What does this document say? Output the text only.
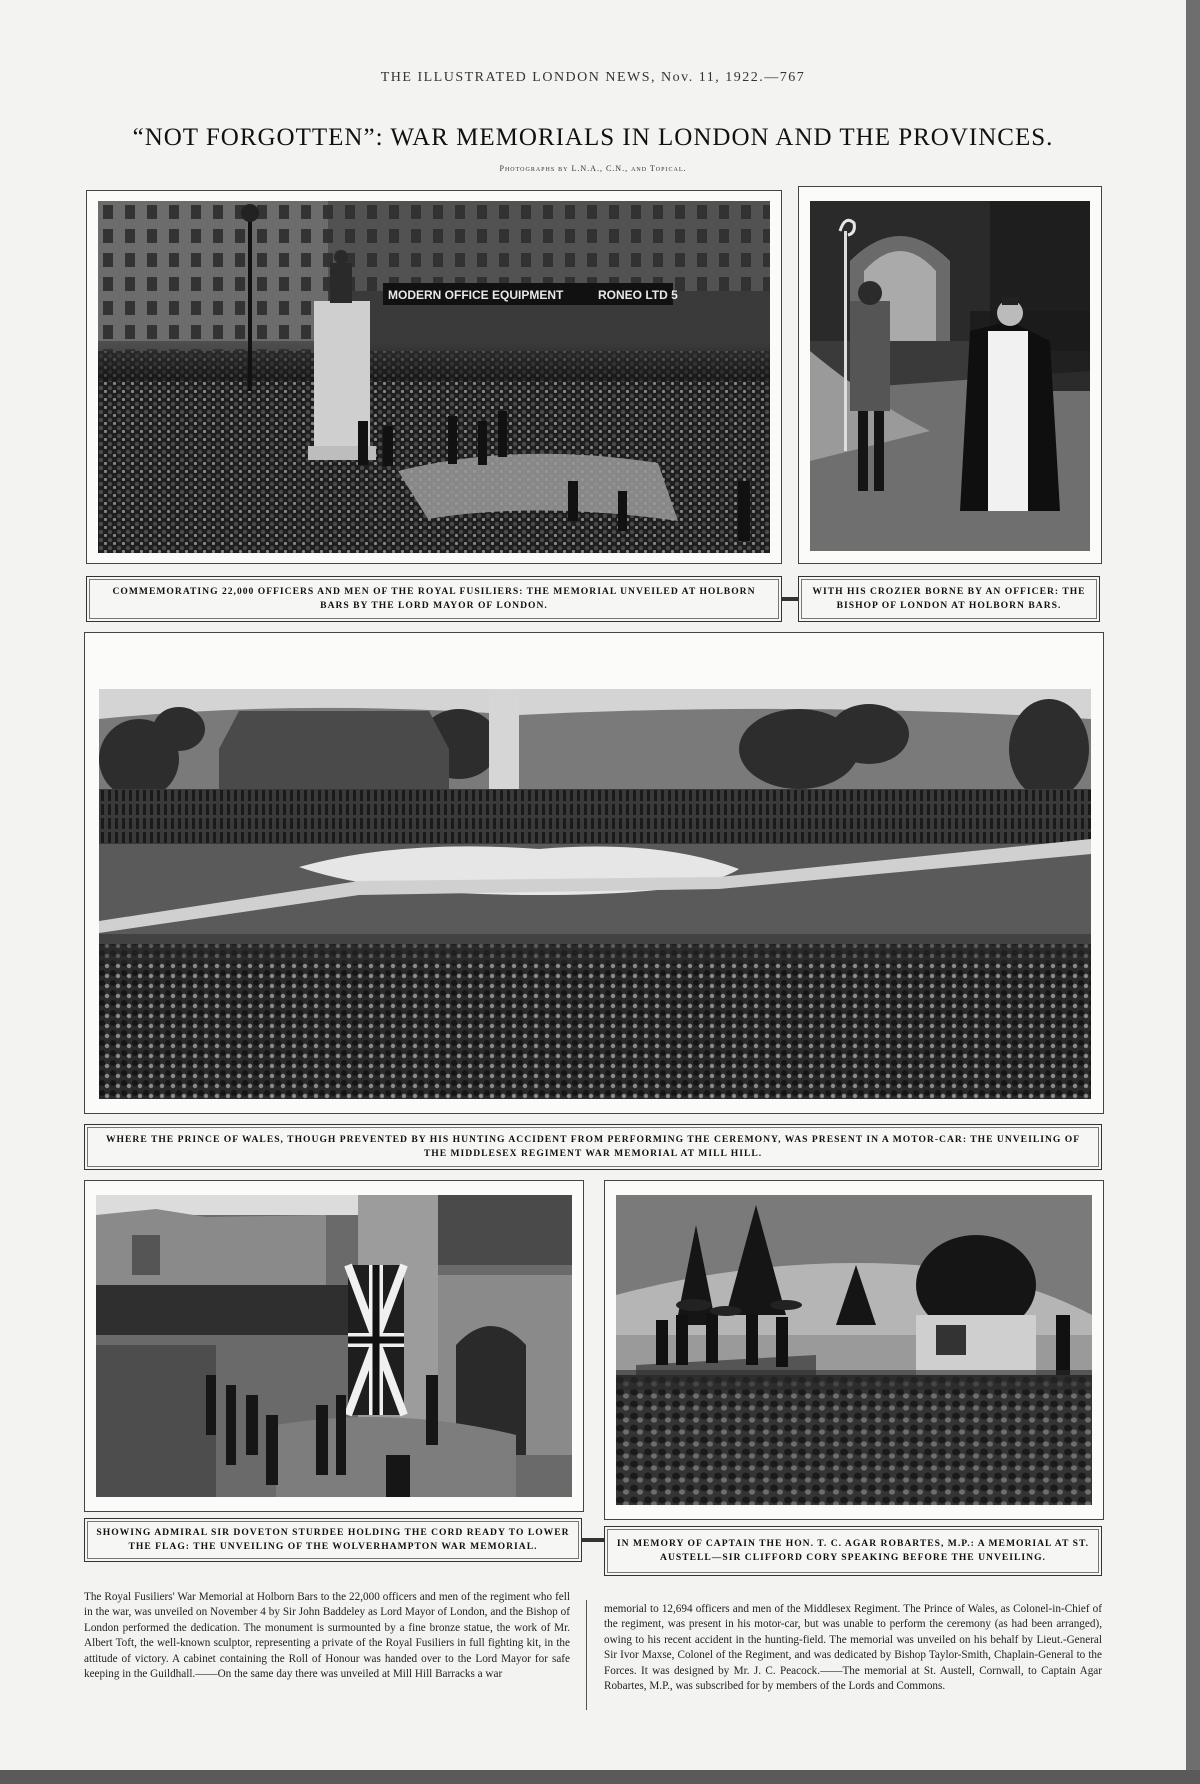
THE ILLUSTRATED LONDON NEWS, Nov. 11, 1922.—767
“NOT FORGOTTEN”: WAR MEMORIALS IN LONDON AND THE PROVINCES.
Photographs by L.N.A., C.N., and Topical.
MODERN OFFICE EQUIPMENT	RONEO LTD 5
COMMEMORATING 22,000 OFFICERS AND MEN OF THE ROYAL FUSILIERS: THE MEMORIAL UNVEILED AT HOLBORN BARS BY THE LORD MAYOR OF LONDON.
WITH HIS CROZIER BORNE BY AN OFFICER: THE BISHOP OF LONDON AT HOLBORN BARS.
WHERE THE PRINCE OF WALES, THOUGH PREVENTED BY HIS HUNTING ACCIDENT FROM PERFORMING THE CEREMONY, WAS PRESENT IN A MOTOR-CAR: THE UNVEILING OF THE MIDDLESEX REGIMENT WAR MEMORIAL AT MILL HILL.
SHOWING ADMIRAL SIR DOVETON STURDEE HOLDING THE CORD READY TO LOWER THE FLAG: THE UNVEILING OF THE WOLVERHAMPTON WAR MEMORIAL.	IN MEMORY OF CAPTAIN THE HON. T. C. AGAR ROBARTES, M.P.: A MEMORIAL AT ST. AUSTELL—SIR CLIFFORD CORY SPEAKING BEFORE THE UNVEILING.
The Royal Fusiliers' War Memorial at Holborn Bars to the 22,000 officers and men of the regiment who fell in the war, was unveiled on November 4 by Sir John Baddeley as Lord Mayor of London, and the Bishop of London performed the dedication. The monument is surmounted by a fine bronze statue, the work of Mr. Albert Toft, the well-known sculptor, representing a private of the Royal Fusiliers in full fighting kit, in the attitude of victory. A cabinet containing the Roll of Honour was handed over to the Lord Mayor for safe keeping in the Guildhall.——On the same day there was unveiled at Mill Hill Barracks a war
memorial to 12,694 officers and men of the Middlesex Regiment. The Prince of Wales, as Colonel-in-Chief of the regiment, was present in his motor-car, but was unable to perform the ceremony (as had been arranged), owing to his recent accident in the hunting-field. The memorial was unveiled on his behalf by Lieut.-General Sir Ivor Maxse, Colonel of the Regiment, and was dedicated by Bishop Taylor-Smith, Chaplain-General to the Forces. It was designed by Mr. J. C. Peacock.——The memorial at St. Austell, Cornwall, to Captain Agar Robartes, M.P., was subscribed for by members of the Lords and Commons.
